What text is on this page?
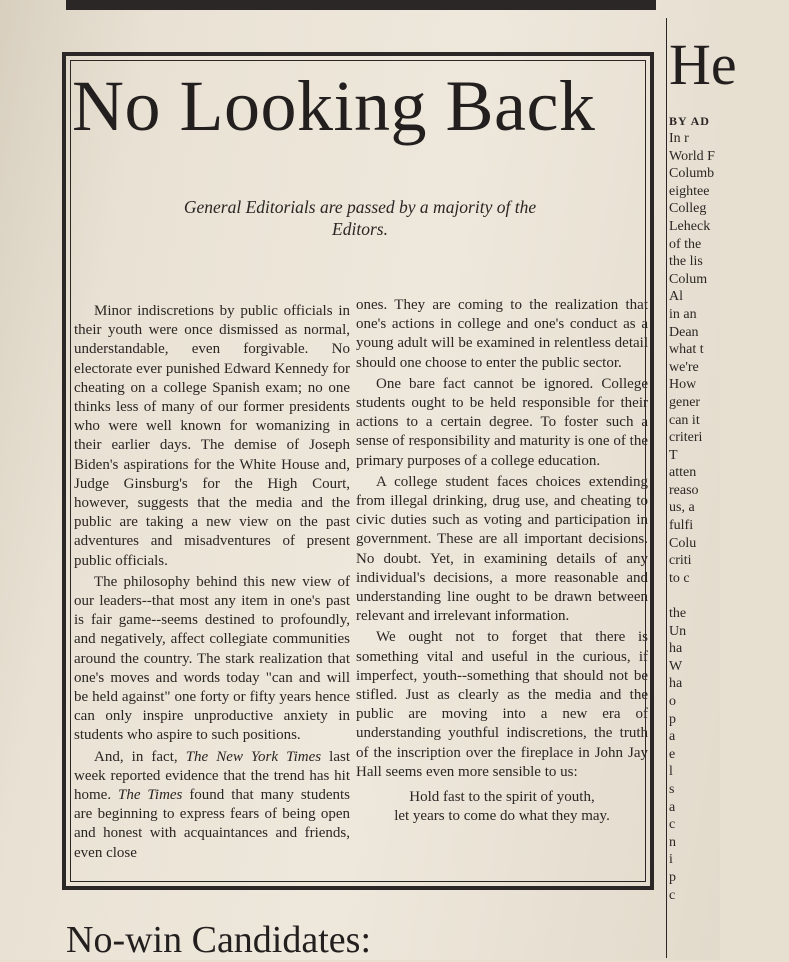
No Looking Back
General Editorials are passed by a majority of the Editors.

Minor indiscretions by public officials in their youth were once dismissed as normal, understandable, even forgivable. No electorate ever punished Edward Kennedy for cheating on a college Spanish exam; no one thinks less of many of our former presidents who were well known for womanizing in their earlier days. The demise of Joseph Biden's aspirations for the White House and, Judge Ginsburg's for the High Court, however, suggests that the media and the public are taking a new view on the past adventures and misadventures of present public officials.

The philosophy behind this new view of our leaders--that most any item in one's past is fair game--seems destined to profoundly, and negatively, affect collegiate communities around the country. The stark realization that one's moves and words today "can and will be held against" one forty or fifty years hence can only inspire unproductive anxiety in students who aspire to such positions.

And, in fact, The New York Times last week reported evidence that the trend has hit home. The Times found that many students are beginning to express fears of being open and honest with acquaintances and friends, even close

ones. They are coming to the realization that one's actions in college and one's conduct as a young adult will be examined in relentless detail should one choose to enter the public sector.

One bare fact cannot be ignored. College students ought to be held responsible for their actions to a certain degree. To foster such a sense of responsibility and maturity is one of the primary purposes of a college education.

A college student faces choices extending from illegal drinking, drug use, and cheating to civic duties such as voting and participation in government. These are all important decisions. No doubt. Yet, in examining details of any individual's decisions, a more reasonable and understanding line ought to be drawn between relevant and irrelevant information.

We ought not to forget that there is something vital and useful in the curious, if imperfect, youth--something that should not be stifled. Just as clearly as the media and the public are moving into a new era of understanding youthful indiscretions, the truth of the inscription over the fireplace in John Jay Hall seems even more sensible to us:

Hold fast to the spirit of youth,
let years to come do what they may.

He
BY AD
In r
World F
Columb
eightee
Colleg
Leheck
of the
the lis
Colum
Al
in an
Dean
what t
we're
How
gener
can it
criteri
T
atten
reaso
us, a
fulfi
Colu
criti
to c

the
Un
ha
W
ha
o
p
a
e
l
s
a
c
n
i
p
c
No-win Candidates:
